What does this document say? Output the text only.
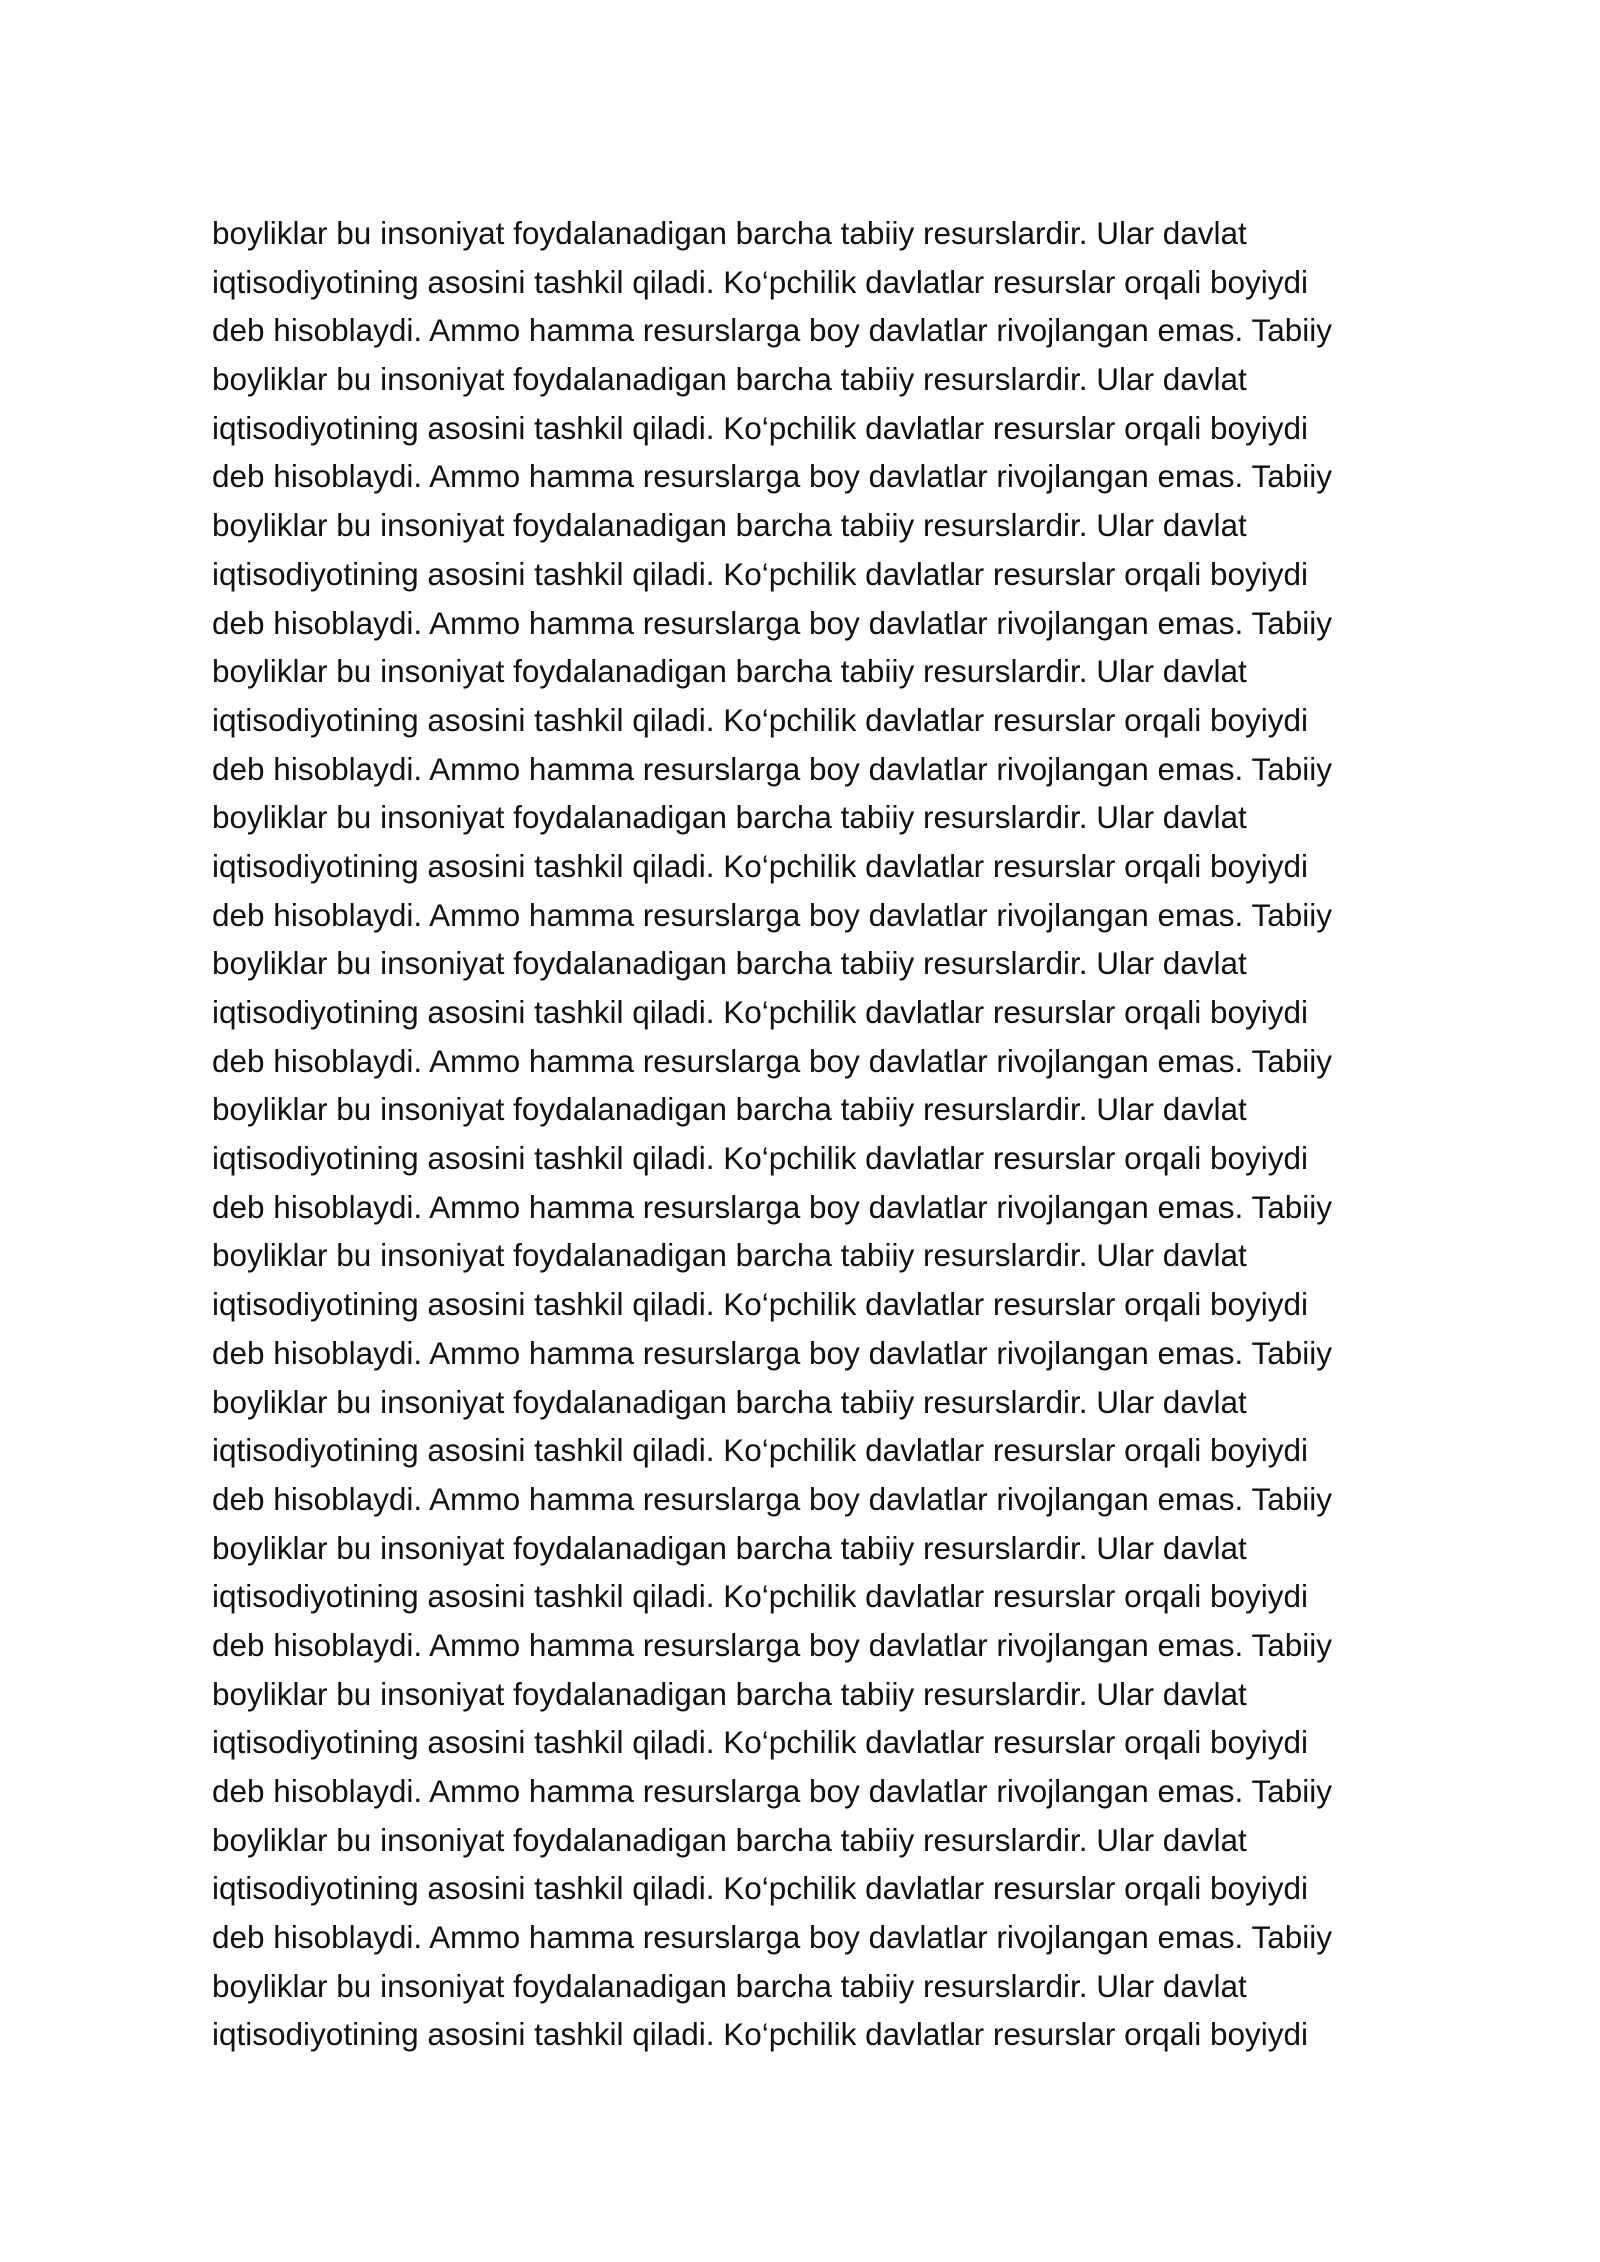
boyliklar bu insoniyat foydalanadigan barcha tabiiy resurslardir. Ular davlat
iqtisodiyotining asosini tashkil qiladi. Ko‘pchilik davlatlar resurslar orqali boyiydi
deb hisoblaydi. Ammo hamma resurslarga boy davlatlar rivojlangan emas. Tabiiy
boyliklar bu insoniyat foydalanadigan barcha tabiiy resurslardir. Ular davlat
iqtisodiyotining asosini tashkil qiladi. Ko‘pchilik davlatlar resurslar orqali boyiydi
deb hisoblaydi. Ammo hamma resurslarga boy davlatlar rivojlangan emas. Tabiiy
boyliklar bu insoniyat foydalanadigan barcha tabiiy resurslardir. Ular davlat
iqtisodiyotining asosini tashkil qiladi. Ko‘pchilik davlatlar resurslar orqali boyiydi
deb hisoblaydi. Ammo hamma resurslarga boy davlatlar rivojlangan emas. Tabiiy
boyliklar bu insoniyat foydalanadigan barcha tabiiy resurslardir. Ular davlat
iqtisodiyotining asosini tashkil qiladi. Ko‘pchilik davlatlar resurslar orqali boyiydi
deb hisoblaydi. Ammo hamma resurslarga boy davlatlar rivojlangan emas. Tabiiy
boyliklar bu insoniyat foydalanadigan barcha tabiiy resurslardir. Ular davlat
iqtisodiyotining asosini tashkil qiladi. Ko‘pchilik davlatlar resurslar orqali boyiydi
deb hisoblaydi. Ammo hamma resurslarga boy davlatlar rivojlangan emas. Tabiiy
boyliklar bu insoniyat foydalanadigan barcha tabiiy resurslardir. Ular davlat
iqtisodiyotining asosini tashkil qiladi. Ko‘pchilik davlatlar resurslar orqali boyiydi
deb hisoblaydi. Ammo hamma resurslarga boy davlatlar rivojlangan emas. Tabiiy
boyliklar bu insoniyat foydalanadigan barcha tabiiy resurslardir. Ular davlat
iqtisodiyotining asosini tashkil qiladi. Ko‘pchilik davlatlar resurslar orqali boyiydi
deb hisoblaydi. Ammo hamma resurslarga boy davlatlar rivojlangan emas. Tabiiy
boyliklar bu insoniyat foydalanadigan barcha tabiiy resurslardir. Ular davlat
iqtisodiyotining asosini tashkil qiladi. Ko‘pchilik davlatlar resurslar orqali boyiydi
deb hisoblaydi. Ammo hamma resurslarga boy davlatlar rivojlangan emas. Tabiiy
boyliklar bu insoniyat foydalanadigan barcha tabiiy resurslardir. Ular davlat
iqtisodiyotining asosini tashkil qiladi. Ko‘pchilik davlatlar resurslar orqali boyiydi
deb hisoblaydi. Ammo hamma resurslarga boy davlatlar rivojlangan emas. Tabiiy
boyliklar bu insoniyat foydalanadigan barcha tabiiy resurslardir. Ular davlat
iqtisodiyotining asosini tashkil qiladi. Ko‘pchilik davlatlar resurslar orqali boyiydi
deb hisoblaydi. Ammo hamma resurslarga boy davlatlar rivojlangan emas. Tabiiy
boyliklar bu insoniyat foydalanadigan barcha tabiiy resurslardir. Ular davlat
iqtisodiyotining asosini tashkil qiladi. Ko‘pchilik davlatlar resurslar orqali boyiydi
deb hisoblaydi. Ammo hamma resurslarga boy davlatlar rivojlangan emas. Tabiiy
boyliklar bu insoniyat foydalanadigan barcha tabiiy resurslardir. Ular davlat
iqtisodiyotining asosini tashkil qiladi. Ko‘pchilik davlatlar resurslar orqali boyiydi
deb hisoblaydi. Ammo hamma resurslarga boy davlatlar rivojlangan emas. Tabiiy
boyliklar bu insoniyat foydalanadigan barcha tabiiy resurslardir. Ular davlat
iqtisodiyotining asosini tashkil qiladi. Ko‘pchilik davlatlar resurslar orqali boyiydi
